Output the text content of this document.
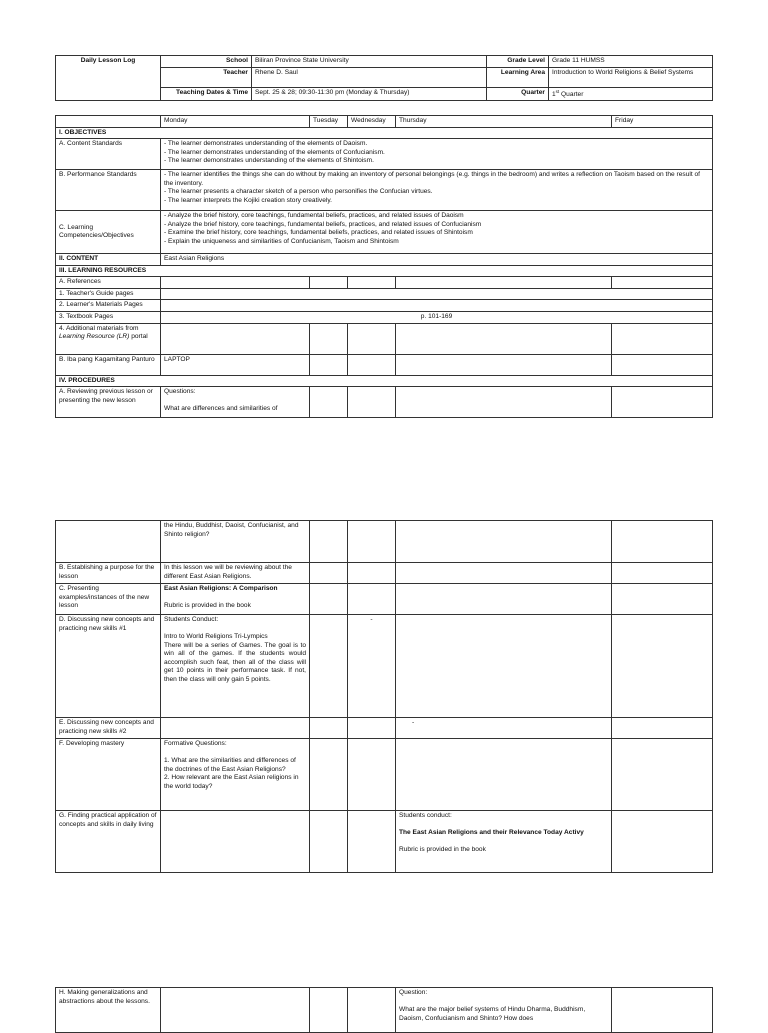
Daily Lesson Log	School	Biliran Province State University	Grade Level	Grade 11 HUMSS
	Teacher	Rhene D. Saul	Learning Area	Introduction to World Religions & Belief Systems
	Teaching Dates & Time	Sept. 25 & 28; 09:30-11:30 pm (Monday & Thursday)	Quarter	1st Quarter
	Monday	Tuesday	Wednesday	Thursday	Friday
I. OBJECTIVES					
A. Content Standards	- The learner demonstrates understanding of the elements of Daoism.
- The learner demonstrates understanding of the elements of Confucianism.
- The learner demonstrates understanding of the elements of Shintoism.				
B. Performance Standards	- The learner identifies the things she can do without by making an inventory of personal belongings (e.g. things in the bedroom) and writes a reflection on Taoism based on the result of the inventory.
- The learner presents a character sketch of a person who personifies the Confucian virtues.
- The learner interprets the Kojiki creation story creatively.				
C. Learning Competencies/Objectives	- Analyze the brief history, core teachings, fundamental beliefs, practices, and related issues of Daoism
- Analyze the brief history, core teachings, fundamental beliefs, practices, and related issues of Confucianism
- Examine the brief history, core teachings, fundamental beliefs, practices, and related issues of Shintoism
- Explain the uniqueness and similarities of Confucianism, Taoism and Shintoism				
II. CONTENT	East Asian Religions				
III. LEARNING RESOURCES					
A. References					
1. Teacher's Guide pages					
2. Learner's Materials Pages					
3. Textbook Pages	p. 101-169				
4. Additional materials from Learning Resource (LR) portal					
B. Iba pang Kagamitang Panturo	LAPTOP				
IV. PROCEDURES					
A. Reviewing previous lesson or presenting the new lesson	Questions:

What are differences and similarities of				
	the Hindu, Buddhist, Daoist, Confucianist, and Shinto religion?				
B. Establishing a purpose for the lesson	In this lesson we will be reviewing about the different East Asian Religions.				
C. Presenting examples/instances of the new lesson	East Asian Religions: A Comparison

Rubric is provided in the book				
D. Discussing new concepts and practicing new skills #1	Students Conduct:

Intro to World Religions Tri-Lympics

There will be a series of Games. The goal is to win all of the games. If the students would accomplish such feat, then all of the class will get 10 points in their performance task. If not, then the class will only gain 5 points.		-		
E. Discussing new concepts and practicing new skills #2				-	
F. Developing mastery	Formative Questions:

1. What are the similarities and differences of the doctrines of the East Asian Religions?
2. How relevant are the East Asian religions in the world today?				
G. Finding practical application of concepts and skills in daily living				Students conduct:

The East Asian Religions and their Relevance Today Activy

Rubric is provided in the book	
H. Making generalizations and abstractions about the lessons.				Question:

What are the major belief systems of Hindu Dharma, Buddhism, Daoism, Confucianism and Shinto? How does	
